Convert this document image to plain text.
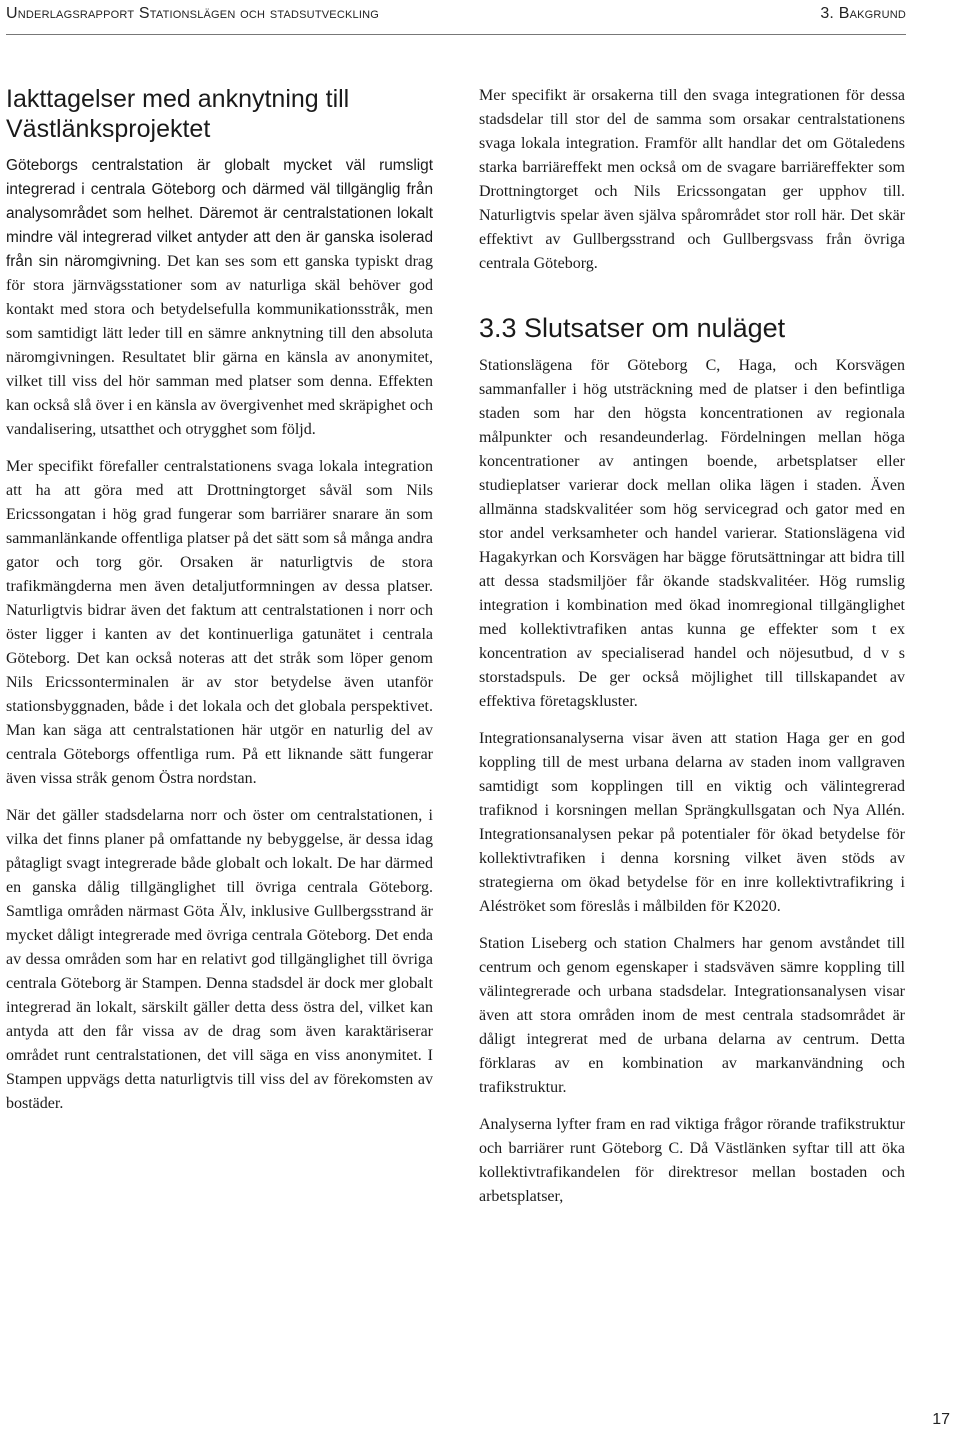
Underlagsrapport Stationslägen och stadsutveckling	3. Bakgrund
Iakttagelser med anknytning till Västlänksprojektet

Göteborgs centralstation är globalt mycket väl rumsligt integrerad i centrala Göteborg och därmed väl tillgänglig från analysområdet som helhet. Däremot är centralstationen lokalt mindre väl integrerad vilket antyder att den är ganska isolerad från sin näromgivning. Det kan ses som ett ganska typiskt drag för stora järnvägsstationer som av naturliga skäl behöver god kontakt med stora och betydelsefulla kommunikationsstråk, men som samtidigt lätt leder till en sämre anknytning till den absoluta näromgivningen. Resultatet blir gärna en känsla av anonymitet, vilket till viss del hör samman med platser som denna. Effekten kan också slå över i en känsla av övergivenhet med skräpighet och vandalisering, utsatthet och otrygghet som följd.

Mer specifikt förefaller centralstationens svaga lokala integration att ha att göra med att Drottningtorget såväl som Nils Ericssongatan i hög grad fungerar som barriärer snarare än som sammanlänkande offentliga platser på det sätt som så många andra gator och torg gör. Orsaken är naturligtvis de stora trafikmängderna men även detaljutformningen av dessa platser. Naturligtvis bidrar även det faktum att centralstationen i norr och öster ligger i kanten av det kontinuerliga gatunätet i centrala Göteborg. Det kan också noteras att det stråk som löper genom Nils Ericssonterminalen är av stor betydelse även utanför stationsbyggnaden, både i det lokala och det globala perspektivet. Man kan säga att centralstationen här utgör en naturlig del av centrala Göteborgs offentliga rum. På ett liknande sätt fungerar även vissa stråk genom Östra nordstan.

När det gäller stadsdelarna norr och öster om centralstationen, i vilka det finns planer på omfattande ny bebyggelse, är dessa idag påtagligt svagt integrerade både globalt och lokalt. De har därmed en ganska dålig tillgänglighet till övriga centrala Göteborg. Samtliga områden närmast Göta Älv, inklusive Gullbergsstrand är mycket dåligt integrerade med övriga centrala Göteborg. Det enda av dessa områden som har en relativt god tillgänglighet till övriga centrala Göteborg är Stampen. Denna stadsdel är dock mer globalt integrerad än lokalt, särskilt gäller detta dess östra del, vilket kan antyda att den får vissa av de drag som även karaktäriserar området runt centralstationen, det vill säga en viss anonymitet. I Stampen uppvägs detta naturligtvis till viss del av förekomsten av bostäder.

Mer specifikt är orsakerna till den svaga integrationen för dessa stadsdelar till stor del de samma som orsakar centralstationens svaga lokala integration. Framför allt handlar det om Götaledens starka barriäreffekt men också om de svagare barriäreffekter som Drottningtorget och Nils Ericssongatan ger upphov till. Naturligtvis spelar även själva spårområdet stor roll här. Det skär effektivt av Gullbergsstrand och Gullbergsvass från övriga centrala Göteborg.

3.3 Slutsatser om nuläget

Stationslägena för Göteborg C, Haga, och Korsvägen sammanfaller i hög utsträckning med de platser i den befintliga staden som har den högsta koncentrationen av regionala målpunkter och resandeunderlag. Fördelningen mellan höga koncentrationer av antingen boende, arbetsplatser eller studieplatser varierar dock mellan olika lägen i staden. Även allmänna stadskvalitéer som hög servicegrad och gator med en stor andel verksamheter och handel varierar. Stationslägena vid Hagakyrkan och Korsvägen har bägge förutsättningar att bidra till att dessa stadsmiljöer får ökande stadskvalitéer. Hög rumslig integration i kombination med ökad inomregional tillgänglighet med kollektivtrafiken antas kunna ge effekter som t ex koncentration av specialiserad handel och nöjesutbud, d v s storstadspuls. De ger också möjlighet till tillskapandet av effektiva företagskluster.

Integrationsanalyserna visar även att station Haga ger en god koppling till de mest urbana delarna av staden inom vallgraven samtidigt som kopplingen till en viktig och välintegrerad trafiknod i korsningen mellan Sprängkullsgatan och Nya Allén. Integrationsanalysen pekar på potentialer för ökad betydelse för kollektivtrafiken i denna korsning vilket även stöds av strategierna om ökad betydelse för en inre kollektivtrafikring i Aléströket som föreslås i målbilden för K2020.

Station Liseberg och station Chalmers har genom avståndet till centrum och genom egenskaper i stadsväven sämre koppling till välintegrerade och urbana stadsdelar. Integrationsanalysen visar även att stora områden inom de mest centrala stadsområdet är dåligt integrerat med de urbana delarna av centrum. Detta förklaras av en kombination av markanvändning och trafikstruktur.

Analyserna lyfter fram en rad viktiga frågor rörande trafikstruktur och barriärer runt Göteborg C. Då Västlänken syftar till att öka kollektivtrafikandelen för direktresor mellan bostaden och arbetsplatser,

17
